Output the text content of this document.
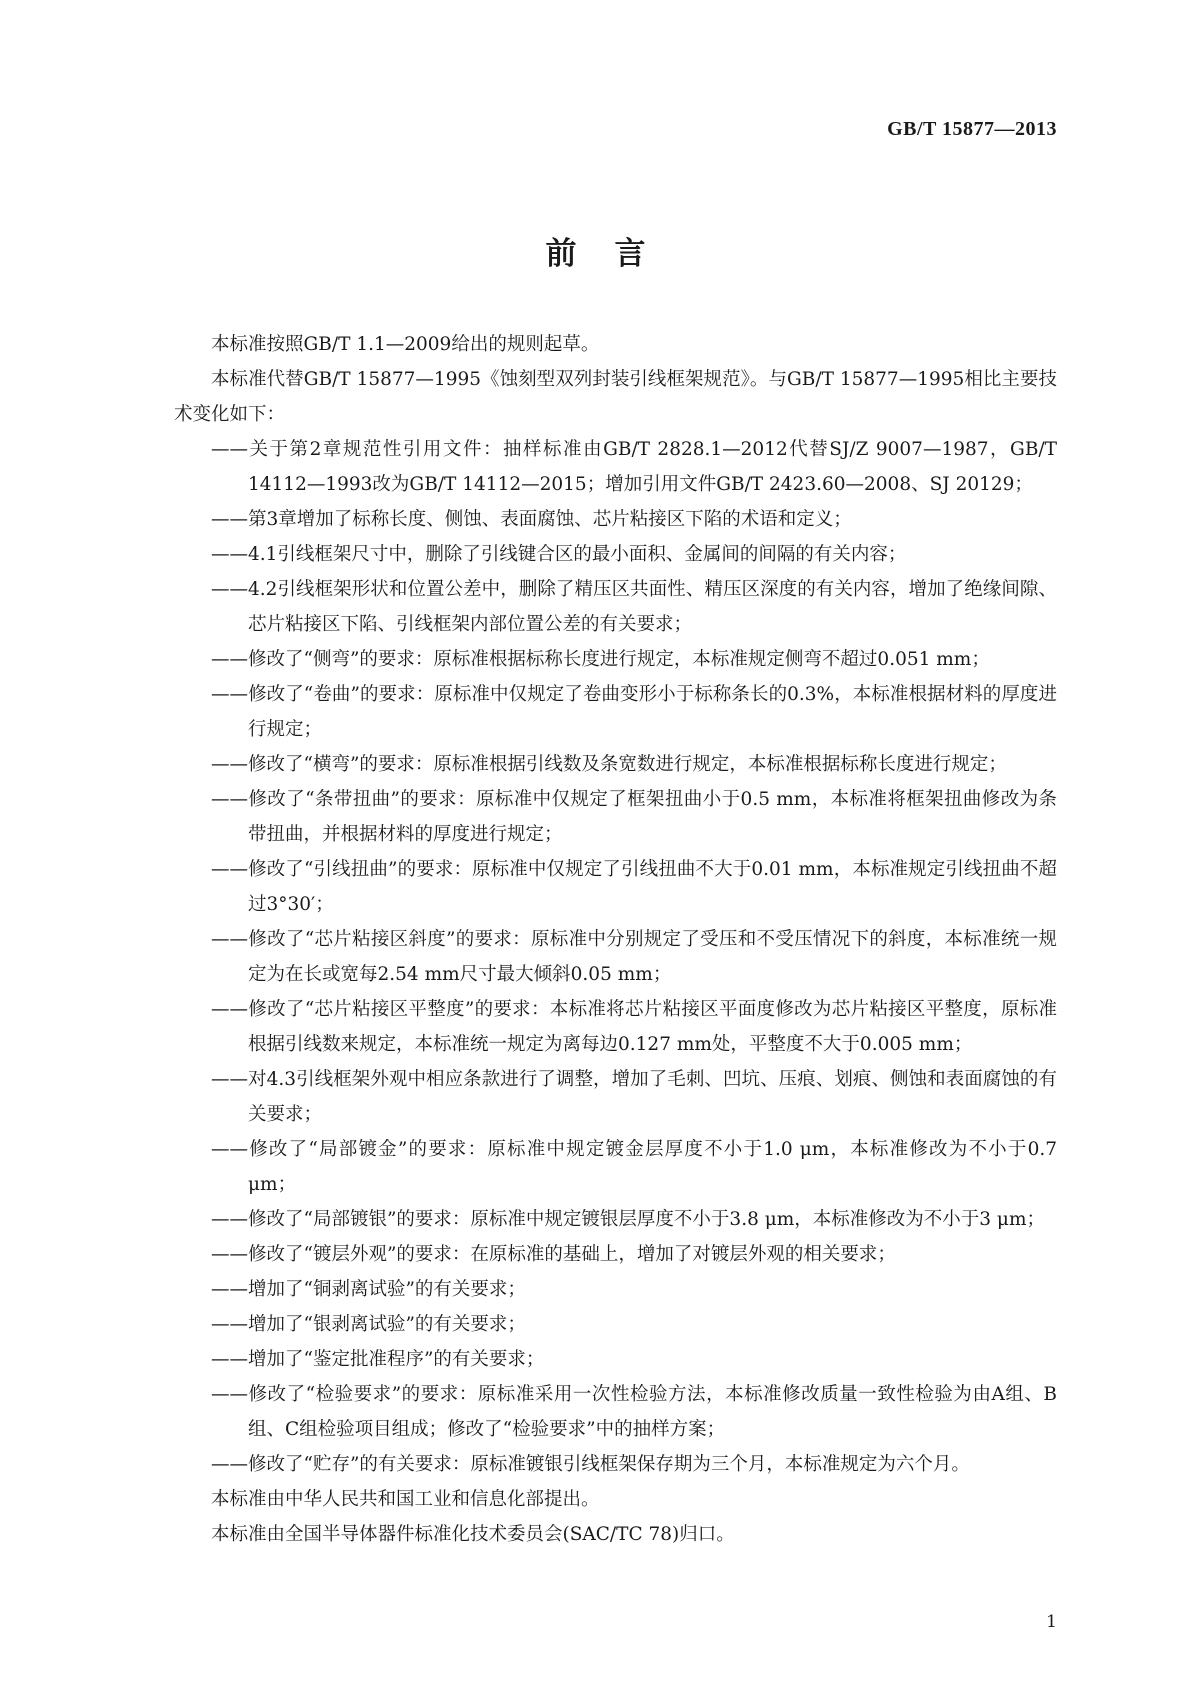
GB/T 15877—2013
前言

本标准按照GB/T 1.1—2009给出的规则起草。

本标准代替GB/T 15877—1995《蚀刻型双列封装引线框架规范》。与GB/T 15877—1995相比主要技术变化如下：

——关于第2章规范性引用文件：抽样标准由GB/T 2828.1—2012代替SJ/Z 9007—1987，GB/T 14112—1993改为GB/T 14112—2015；增加引用文件GB/T 2423.60—2008、SJ 20129；

——第3章增加了标称长度、侧蚀、表面腐蚀、芯片粘接区下陷的术语和定义；

——4.1引线框架尺寸中，删除了引线键合区的最小面积、金属间的间隔的有关内容；

——4.2引线框架形状和位置公差中，删除了精压区共面性、精压区深度的有关内容，增加了绝缘间隙、芯片粘接区下陷、引线框架内部位置公差的有关要求；

——修改了“侧弯”的要求：原标准根据标称长度进行规定，本标准规定侧弯不超过0.051 mm；

——修改了“卷曲”的要求：原标准中仅规定了卷曲变形小于标称条长的0.3%，本标准根据材料的厚度进行规定；

——修改了“横弯”的要求：原标准根据引线数及条宽数进行规定，本标准根据标称长度进行规定；

——修改了“条带扭曲”的要求：原标准中仅规定了框架扭曲小于0.5 mm，本标准将框架扭曲修改为条带扭曲，并根据材料的厚度进行规定；

——修改了“引线扭曲”的要求：原标准中仅规定了引线扭曲不大于0.01 mm，本标准规定引线扭曲不超过3°30′；

——修改了“芯片粘接区斜度”的要求：原标准中分别规定了受压和不受压情况下的斜度，本标准统一规定为在长或宽每2.54 mm尺寸最大倾斜0.05 mm；

——修改了“芯片粘接区平整度”的要求：本标准将芯片粘接区平面度修改为芯片粘接区平整度，原标准根据引线数来规定，本标准统一规定为离每边0.127 mm处，平整度不大于0.005 mm；

——对4.3引线框架外观中相应条款进行了调整，增加了毛刺、凹坑、压痕、划痕、侧蚀和表面腐蚀的有关要求；

——修改了“局部镀金”的要求：原标准中规定镀金层厚度不小于1.0 μm，本标准修改为不小于0.7 μm；

——修改了“局部镀银”的要求：原标准中规定镀银层厚度不小于3.8 μm，本标准修改为不小于3 μm；

——修改了“镀层外观”的要求：在原标准的基础上，增加了对镀层外观的相关要求；

——增加了“铜剥离试验”的有关要求；

——增加了“银剥离试验”的有关要求；

——增加了“鉴定批准程序”的有关要求；

——修改了“检验要求”的要求：原标准采用一次性检验方法，本标准修改质量一致性检验为由A组、B组、C组检验项目组成；修改了“检验要求”中的抽样方案；

——修改了“贮存”的有关要求：原标准镀银引线框架保存期为三个月，本标准规定为六个月。

本标准由中华人民共和国工业和信息化部提出。

本标准由全国半导体器件标准化技术委员会(SAC/TC 78)归口。

1
